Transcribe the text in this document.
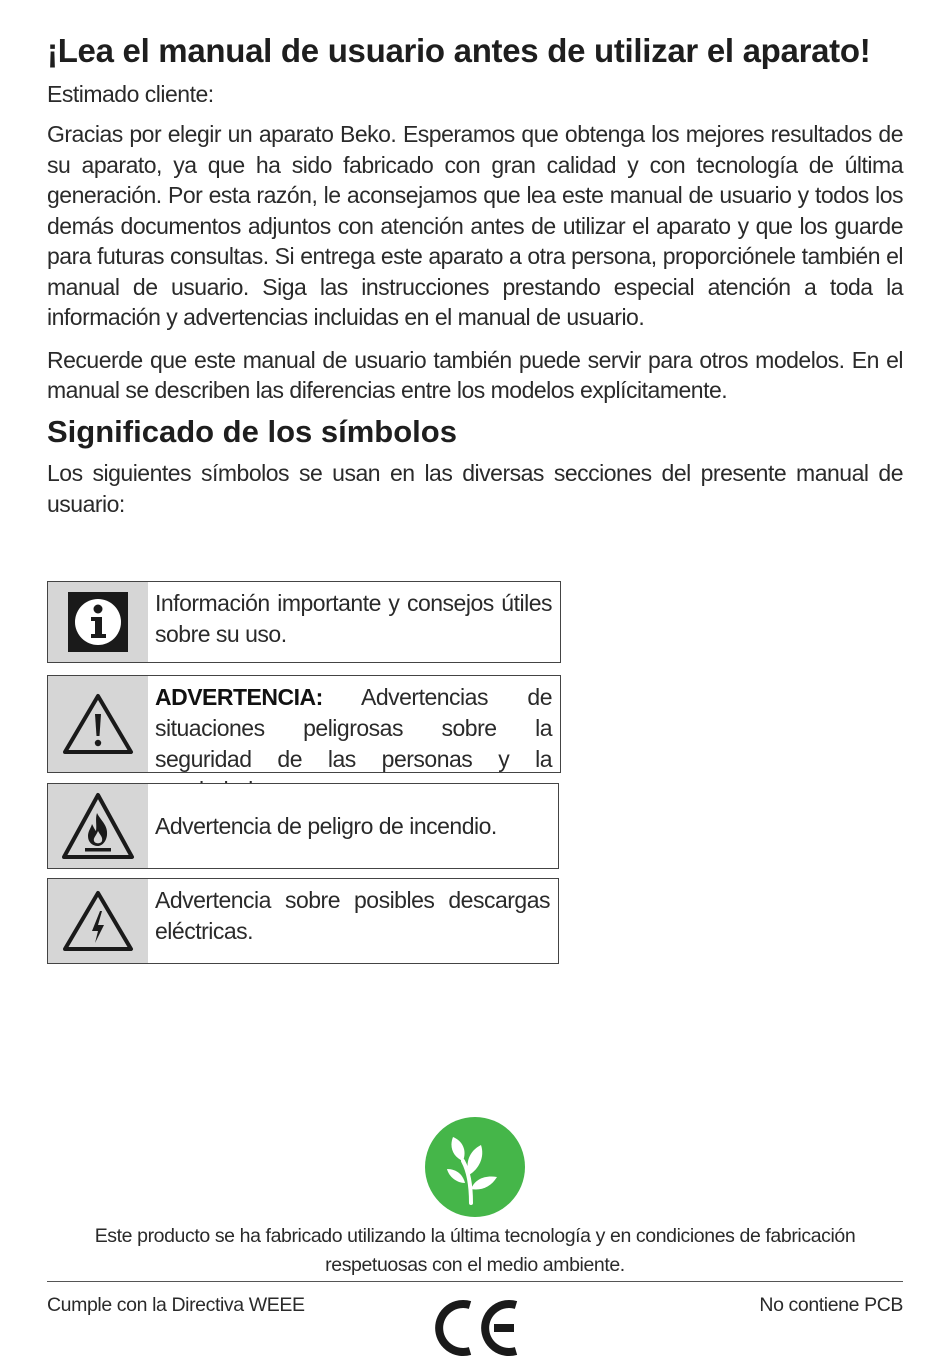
¡Lea el manual de usuario antes de utilizar el aparato!

Estimado cliente:

Gracias por elegir un aparato Beko. Esperamos que obtenga los mejores resultados de su aparato, ya que ha sido fabricado con gran calidad y con tecnología de última generación. Por esta razón, le aconsejamos que lea este manual de usuario y todos los demás documentos adjuntos con atención antes de utilizar el aparato y que los guarde para futuras consultas. Si entrega este aparato a otra persona, proporciónele también el manual de usuario. Siga las instrucciones prestando especial atención a toda la información y advertencias incluidas en el manual de usuario.

Recuerde que este manual de usuario también puede servir para otros modelos. En el manual se describen las diferencias entre los modelos explícitamente.

Significado de los símbolos

Los siguientes símbolos se usan en las diversas secciones del presente manual de usuario:

Información importante y consejos útiles sobre su uso.
ADVERTENCIA: Advertencias de situaciones peligrosas sobre la seguridad de las personas y la
Advertencia de peligro de incendio.
Advertencia sobre posibles descargas eléctricas.
Este producto se ha fabricado utilizando la última tecnología y en condiciones de fabricación respetuosas con el medio ambiente.
Cumple con la Directiva WEEE	No contiene PCB
